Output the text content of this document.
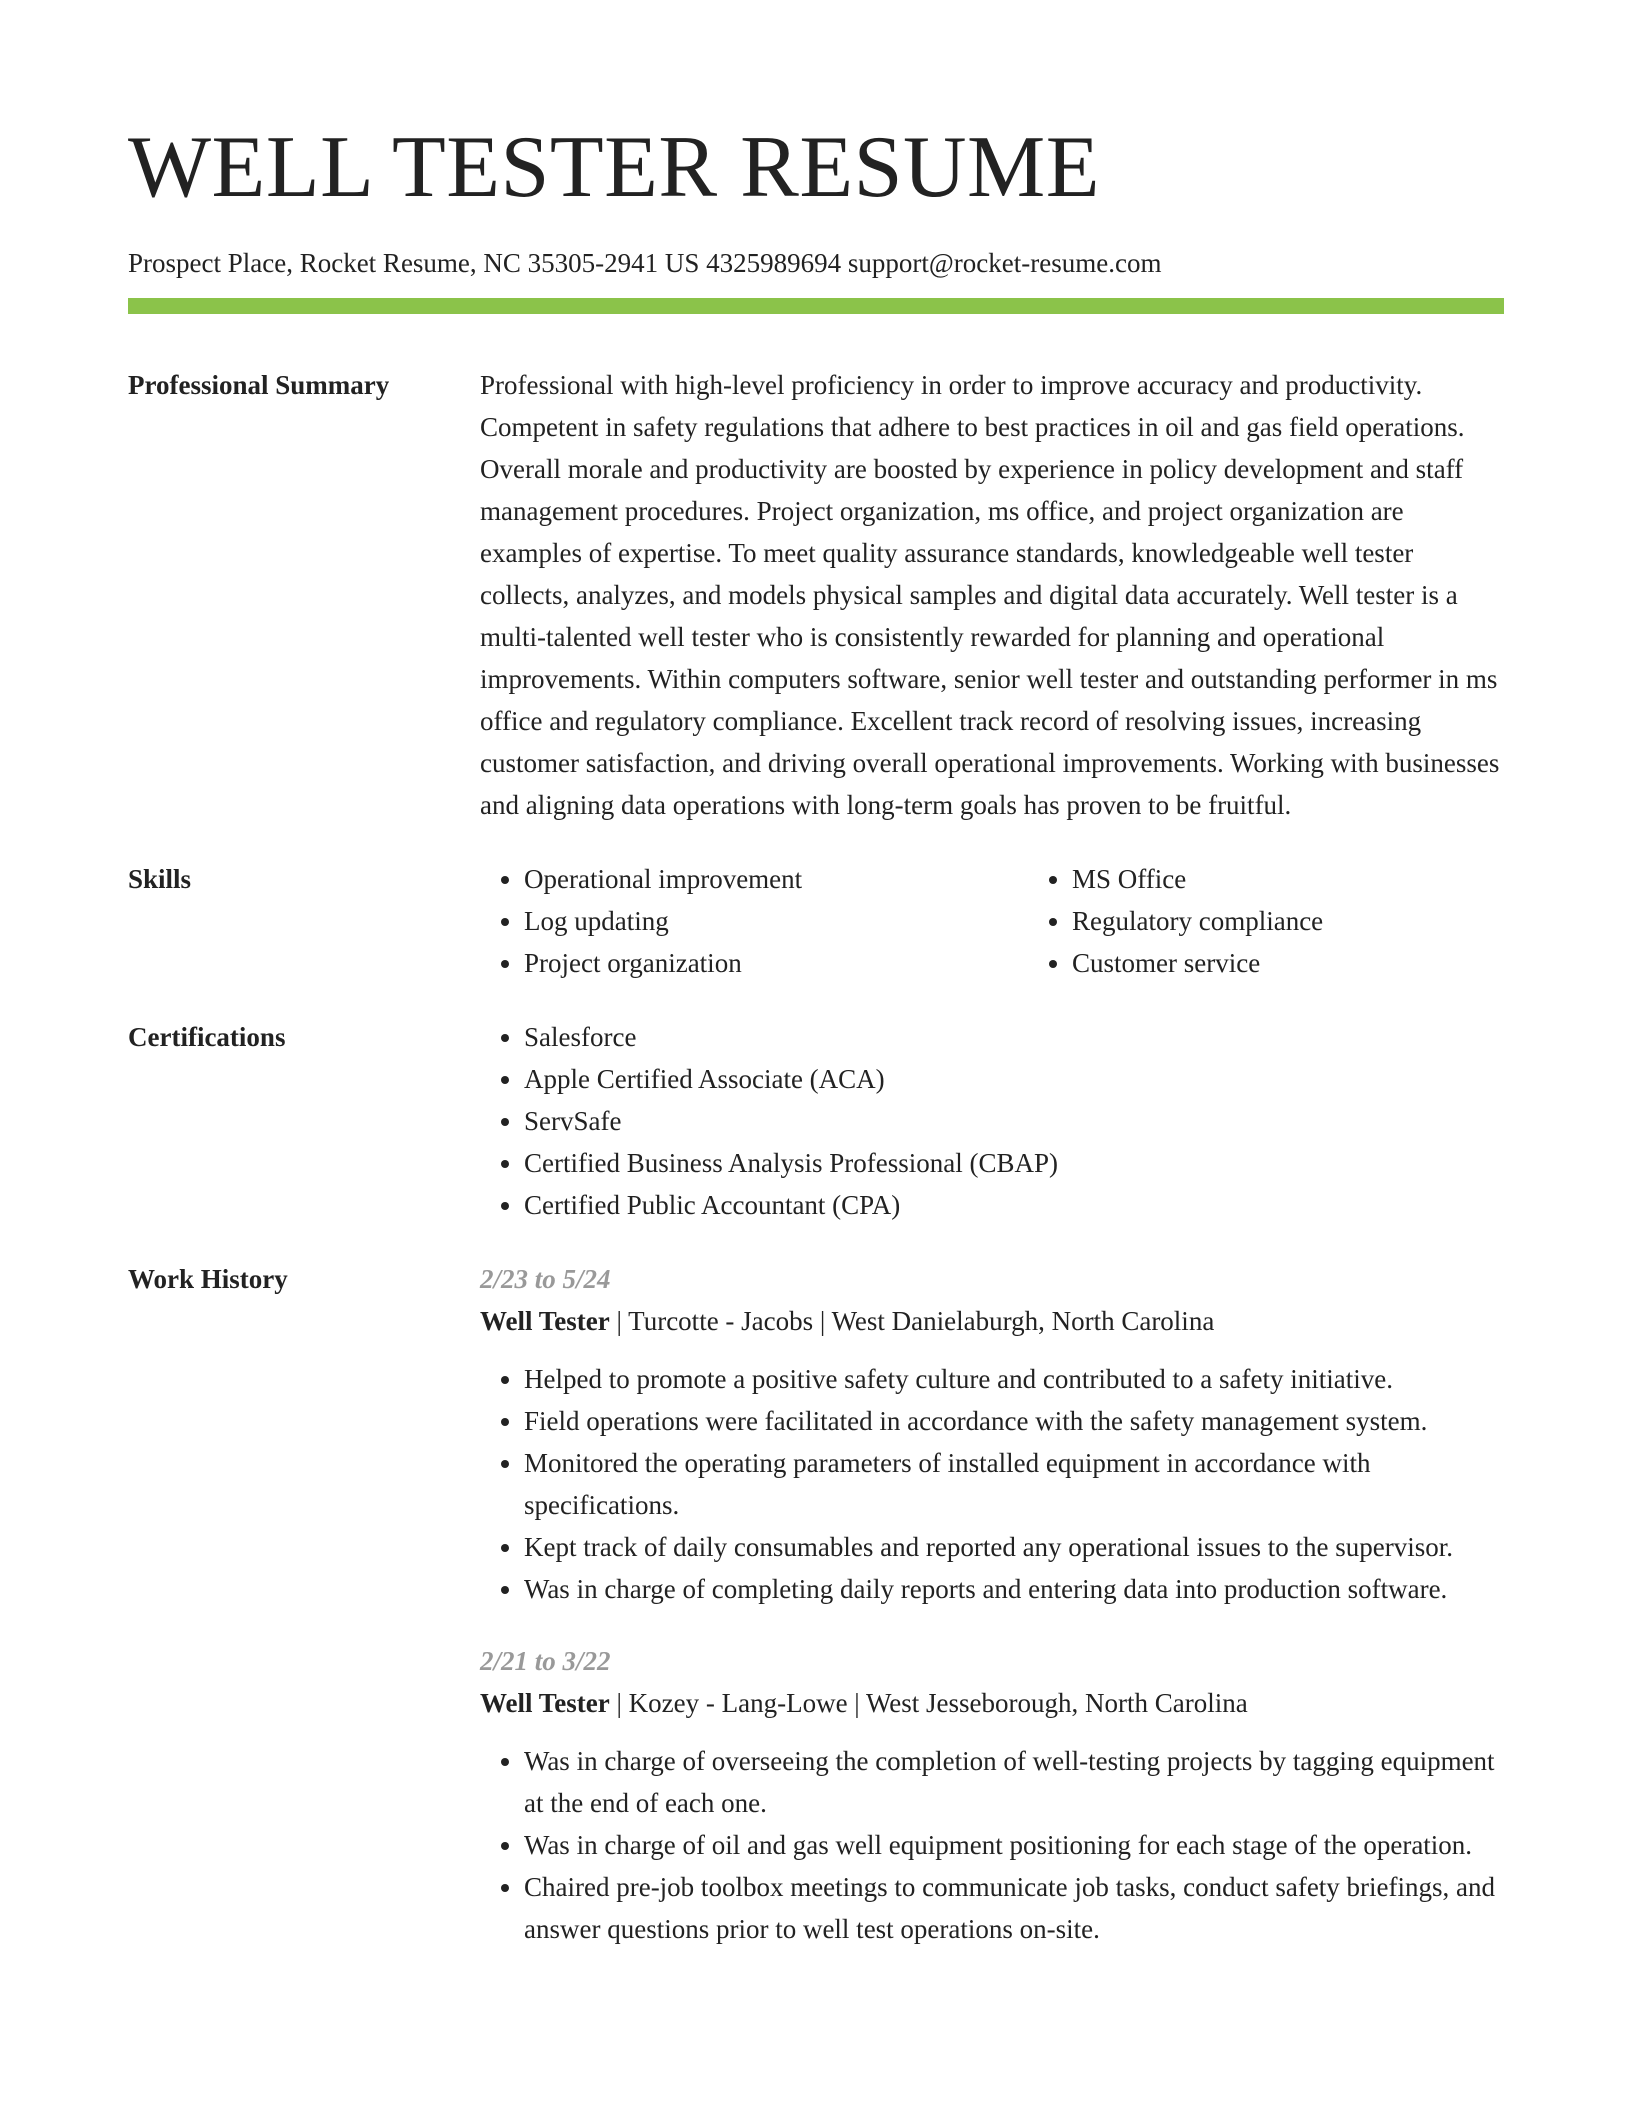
WELL TESTER RESUME
Prospect Place, Rocket Resume, NC 35305-2941 US 4325989694 support@rocket-resume.com
Professional Summary	Professional with high-level proficiency in order to improve accuracy and productivity. Competent in safety regulations that adhere to best practices in oil and gas field operations. Overall morale and productivity are boosted by experience in policy development and staff management procedures. Project organization, ms office, and project organization are examples of expertise. To meet quality assurance standards, knowledgeable well tester collects, analyzes, and models physical samples and digital data accurately. Well tester is a multi-talented well tester who is consistently rewarded for planning and operational improvements. Within computers software, senior well tester and outstanding performer in ms office and regulatory compliance. Excellent track record of resolving issues, increasing customer satisfaction, and driving overall operational improvements. Working with businesses and aligning data operations with long-term goals has proven to be fruitful.
Skills	• Operational improvement
• Log updating
• Project organization
• MS Office
• Regulatory compliance
• Customer service
Certifications	• Salesforce
• Apple Certified Associate (ACA)
• ServSafe
• Certified Business Analysis Professional (CBAP)
• Certified Public Accountant (CPA)
Work History	2/23 to 5/24
Well Tester | Turcotte - Jacobs | West Danielaburgh, North Carolina
• Helped to promote a positive safety culture and contributed to a safety initiative.
• Field operations were facilitated in accordance with the safety management system.
• Monitored the operating parameters of installed equipment in accordance with specifications.
• Kept track of daily consumables and reported any operational issues to the supervisor.
• Was in charge of completing daily reports and entering data into production software.
2/21 to 3/22
Well Tester | Kozey - Lang-Lowe | West Jesseborough, North Carolina
• Was in charge of overseeing the completion of well-testing projects by tagging equipment at the end of each one.
• Was in charge of oil and gas well equipment positioning for each stage of the operation.
• Chaired pre-job toolbox meetings to communicate job tasks, conduct safety briefings, and answer questions prior to well test operations on-site.
